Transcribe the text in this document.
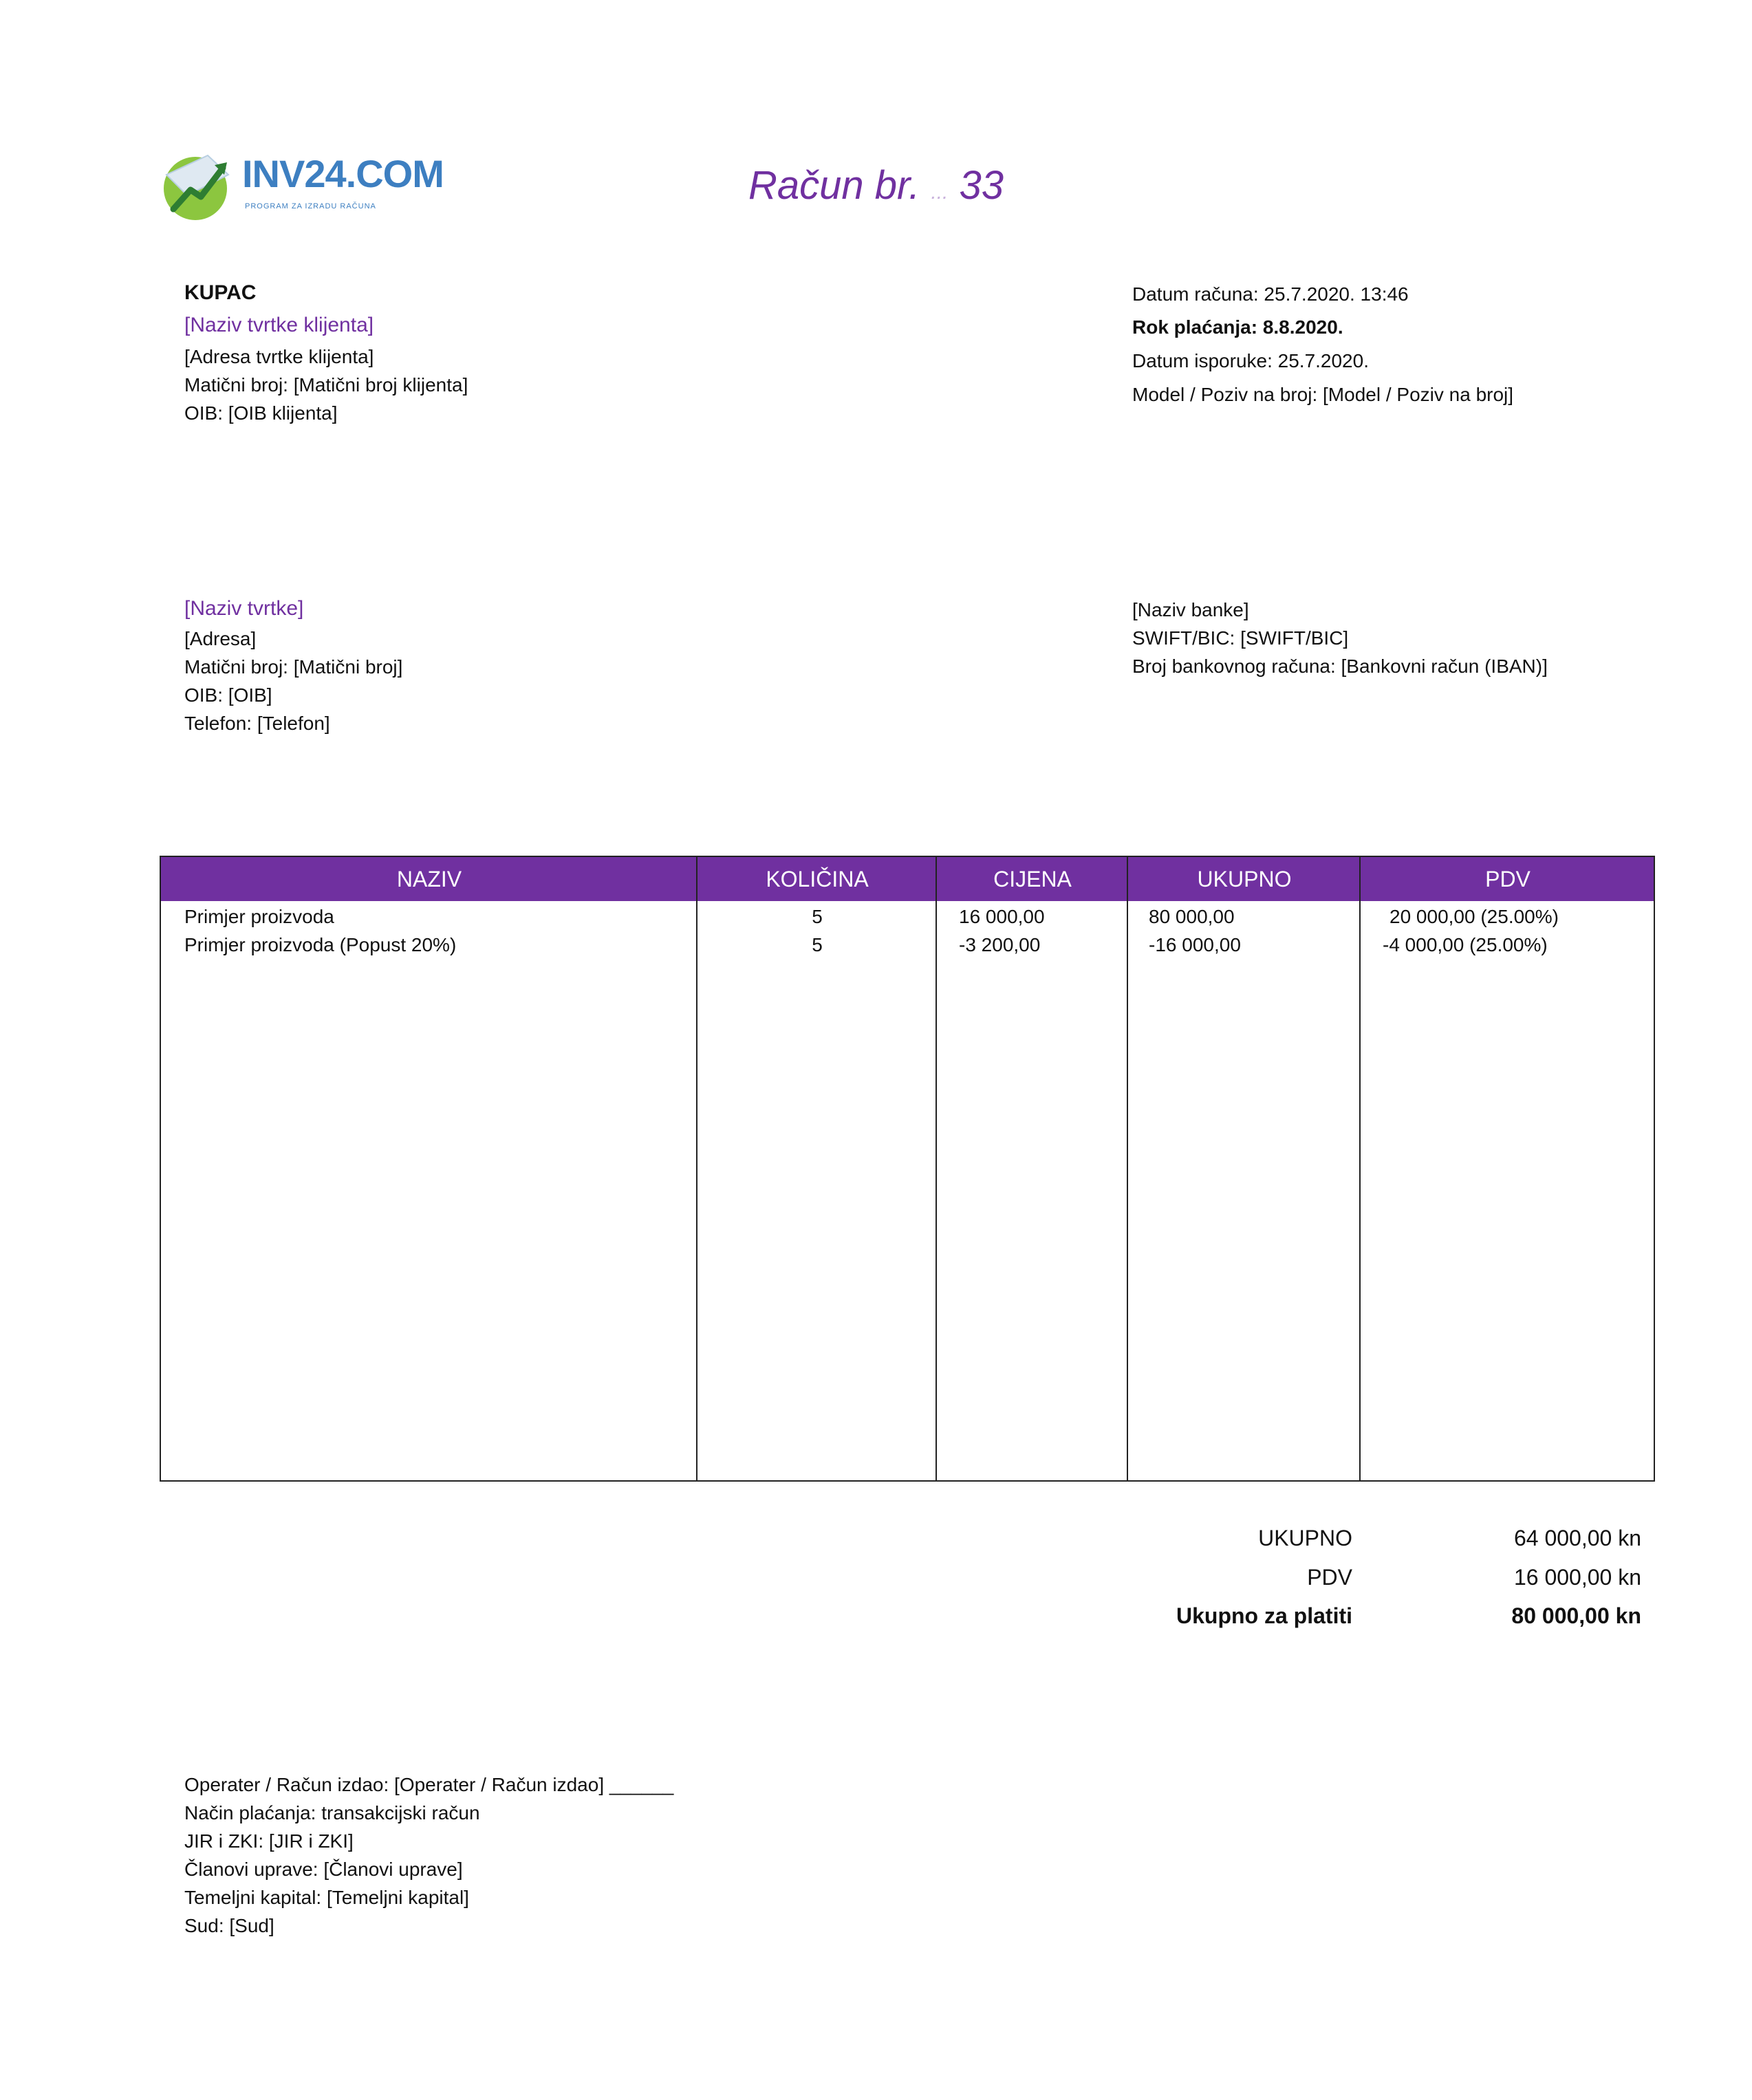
INV24.COM
PROGRAM ZA IZRADU RAČUNA	Račun br. ... 33
KUPAC
[Naziv tvrtke klijenta]
[Adresa tvrtke klijenta]
Matični broj: [Matični broj klijenta]
OIB: [OIB klijenta]
Datum računa: 25.7.2020. 13:46
Rok plaćanja: 8.8.2020.
Datum isporuke: 25.7.2020.
Model / Poziv na broj: [Model / Poziv na broj]
[Naziv tvrtke]
[Adresa]
Matični broj: [Matični broj]
OIB: [OIB]
Telefon: [Telefon]
[Naziv banke]
SWIFT/BIC: [SWIFT/BIC]
Broj bankovnog računa: [Bankovni račun (IBAN)]
NAZIV	KOLIČINA	CIJENA	UKUPNO	PDV
Primjer proizvoda	5	16 000,00	80 000,00	20 000,00 (25.00%)
Primjer proizvoda (Popust 20%)	5	-3 200,00	-16 000,00	-4 000,00 (25.00%)
UKUPNO	64 000,00 kn
PDV	16 000,00 kn
Ukupno za platiti	80 000,00 kn
Operater / Račun izdao: [Operater / Račun izdao] ______
Način plaćanja: transakcijski račun
JIR i ZKI: [JIR i ZKI]
Članovi uprave: [Članovi uprave]
Temeljni kapital: [Temeljni kapital]
Sud: [Sud]
